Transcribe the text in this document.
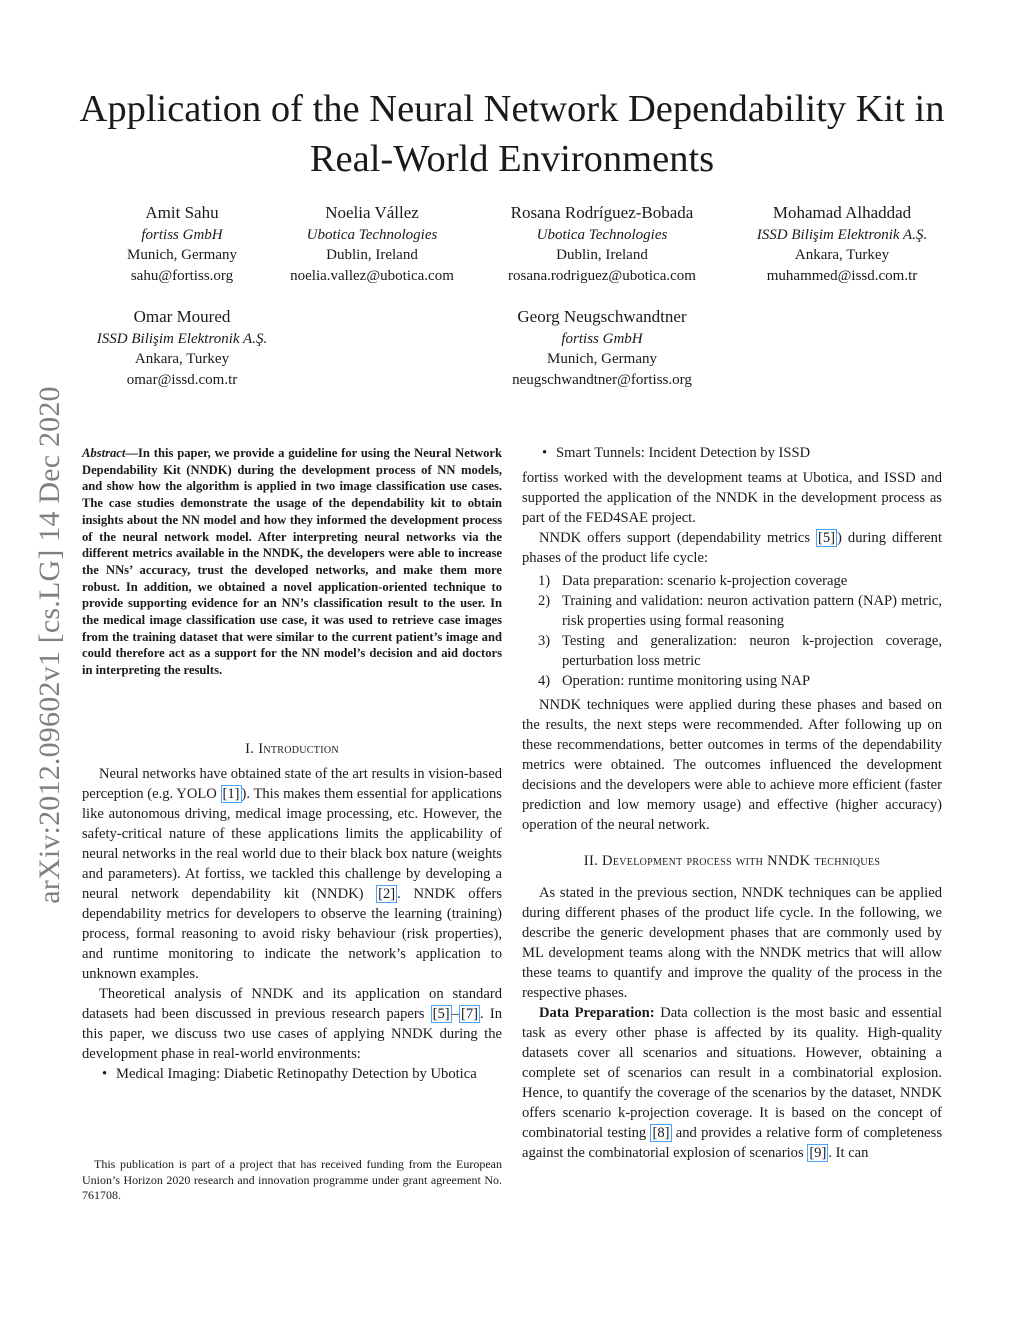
Application of the Neural Network Dependability Kit in Real-World Environments
Amit Sahu
fortiss GmbH
Munich, Germany
sahu@fortiss.org
Noelia Vállez
Ubotica Technologies
Dublin, Ireland
noelia.vallez@ubotica.com
Rosana Rodríguez-Bobada
Ubotica Technologies
Dublin, Ireland
rosana.rodriguez@ubotica.com
Mohamad Alhaddad
ISSD Bilişim Elektronik A.Ş.
Ankara, Turkey
muhammed@issd.com.tr
Omar Moured
ISSD Bilişim Elektronik A.Ş.
Ankara, Turkey
omar@issd.com.tr
Georg Neugschwandtner
fortiss GmbH
Munich, Germany
neugschwandtner@fortiss.org
arXiv:2012.09602v1 [cs.LG] 14 Dec 2020 Abstract—In this paper, we provide a guideline for using the Neural Network Dependability Kit (NNDK) during the development process of NN models, and show how the algorithm is applied in two image classification use cases. The case studies demonstrate the usage of the dependability kit to obtain insights about the NN model and how they informed the development process of the neural network model. After interpreting neural networks via the different metrics available in the NNDK, the developers were able to increase the NNs’ accuracy, trust the developed networks, and make them more robust. In addition, we obtained a novel application-oriented technique to provide supporting evidence for an NN’s classification result to the user. In the medical image classification use case, it was used to retrieve case images from the training dataset that were similar to the current patient’s image and could therefore act as a support for the NN model’s decision and aid doctors in interpreting the results.

I. Introduction

Neural networks have obtained state of the art results in vision-based perception (e.g. YOLO [1] ). This makes them essential for applications like autonomous driving, medical image processing, etc. However, the safety-critical nature of these applications limits the applicability of neural networks in the real world due to their black box nature (weights and parameters). At fortiss, we tackled this challenge by developing a neural network dependability kit (NNDK) [2] . NNDK offers dependability metrics for developers to observe the learning (training) process, formal reasoning to avoid risky behaviour (risk properties), and runtime monitoring to indicate the network’s application to unknown examples.

Theoretical analysis of NNDK and its application on standard datasets had been discussed in previous research papers [5] – [7] . In this paper, we discuss two use cases of applying NNDK during the development phase in real-world environments:

• Medical Imaging: Diabetic Retinopathy Detection by Ubotica
This publication is part of a project that has received funding from the European Union’s Horizon 2020 research and innovation programme under grant agreement No. 761708.
• Smart Tunnels: Incident Detection by ISSD

fortiss worked with the development teams at Ubotica, and ISSD and supported the application of the NNDK in the development process as part of the FED4SAE project.

NNDK offers support (dependability metrics [5] ) during different phases of the product life cycle:

1) Data preparation: scenario k-projection coverage
2) Training and validation: neuron activation pattern (NAP) metric, risk properties using formal reasoning
3) Testing and generalization: neuron k-projection coverage, perturbation loss metric
4) Operation: runtime monitoring using NAP

NNDK techniques were applied during these phases and based on the results, the next steps were recommended. After following up on these recommendations, better outcomes in terms of the dependability metrics were obtained. The outcomes influenced the development decisions and the developers were able to achieve more efficient (faster prediction and low memory usage) and effective (higher accuracy) operation of the neural network.

II. Development process with NNDK techniques

As stated in the previous section, NNDK techniques can be applied during different phases of the product life cycle. In the following, we describe the generic development phases that are commonly used by ML development teams along with the NNDK metrics that will allow these teams to quantify and improve the quality of the process in the respective phases.

Data Preparation: Data collection is the most basic and essential task as every other phase is affected by its quality. High-quality datasets cover all scenarios and situations. However, obtaining a complete set of scenarios can result in a combinatorial explosion. Hence, to quantify the coverage of the scenarios by the dataset, NNDK offers scenario k-projection coverage. It is based on the concept of combinatorial testing [8] and provides a relative form of completeness against the combinatorial explosion of scenarios [9] . It can
